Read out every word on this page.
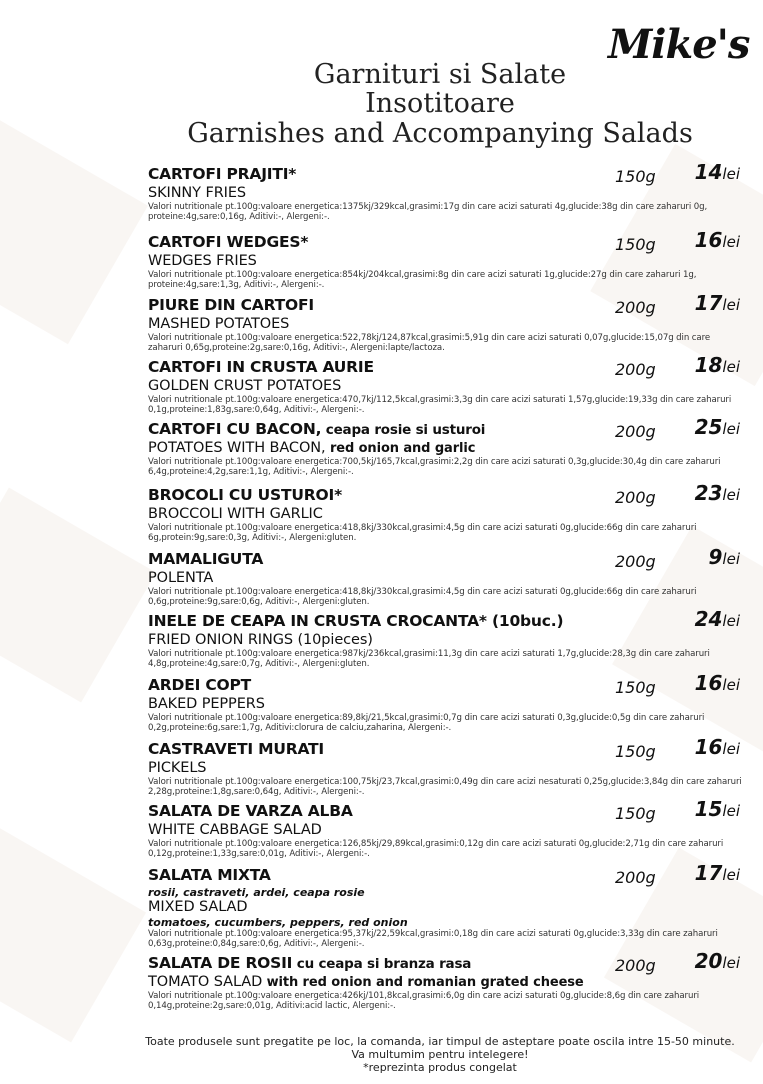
Mike's
Garnituri si Salate
Insotitoare
Garnishes and Accompanying Salads
CARTOFI PRAJITI*
SKINNY FRIES
Valori nutritionale pt.100g:valoare energetica:1375kj/329kcal,grasimi:17g din care acizi saturati 4g,glucide:38g din care zaharuri 0g, proteine:4g,sare:0,16g, Aditivi:-, Alergeni:-.
150g	14lei
CARTOFI WEDGES*
WEDGES FRIES
Valori nutritionale pt.100g:valoare energetica:854kj/204kcal,grasimi:8g din care acizi saturati 1g,glucide:27g din care zaharuri 1g, proteine:4g,sare:1,3g, Aditivi:-, Alergeni:-.
150g	16lei
PIURE DIN CARTOFI
MASHED POTATOES
Valori nutritionale pt.100g:valoare energetica:522,78kj/124,87kcal,grasimi:5,91g din care acizi saturati 0,07g,glucide:15,07g din care zaharuri 0,65g,proteine:2g,sare:0,16g, Aditivi:-, Alergeni:lapte/lactoza.
200g	17lei
CARTOFI IN CRUSTA AURIE
GOLDEN CRUST POTATOES
Valori nutritionale pt.100g:valoare energetica:470,7kj/112,5kcal,grasimi:3,3g din care acizi saturati 1,57g,glucide:19,33g din care zaharuri 0,1g,proteine:1,83g,sare:0,64g, Aditivi:-, Alergeni:-.
200g	18lei
CARTOFI CU BACON, ceapa rosie si usturoi
POTATOES WITH BACON, red onion and garlic
Valori nutritionale pt.100g:valoare energetica:700,5kj/165,7kcal,grasimi:2,2g din care acizi saturati 0,3g,glucide:30,4g din care zaharuri 6,4g,proteine:4,2g,sare:1,1g, Aditivi:-, Alergeni:-.
200g	25lei
BROCOLI CU USTUROI*
BROCCOLI WITH GARLIC
Valori nutritionale pt.100g:valoare energetica:418,8kj/330kcal,grasimi:4,5g din care acizi saturati 0g,glucide:66g din care zaharuri 6g,protein:9g,sare:0,3g, Aditivi:-, Alergeni:gluten.
200g	23lei
MAMALIGUTA
POLENTA
Valori nutritionale pt.100g:valoare energetica:418,8kj/330kcal,grasimi:4,5g din care acizi saturati 0g,glucide:66g din care zaharuri 0,6g,proteine:9g,sare:0,6g, Aditivi:-, Alergeni:gluten.
200g	9lei
INELE DE CEAPA IN CRUSTA CROCANTA* (10buc.)
FRIED ONION RINGS (10pieces)
Valori nutritionale pt.100g:valoare energetica:987kj/236kcal,grasimi:11,3g din care acizi saturati 1,7g,glucide:28,3g din care zaharuri 4,8g,proteine:4g,sare:0,7g, Aditivi:-, Alergeni:gluten.
24lei
ARDEI COPT
BAKED PEPPERS
Valori nutritionale pt.100g:valoare energetica:89,8kj/21,5kcal,grasimi:0,7g din care acizi saturati 0,3g,glucide:0,5g din care zaharuri 0,2g,proteine:6g,sare:1,7g, Aditivi:clorura de calciu,zaharina, Alergeni:-.
150g	16lei
CASTRAVETI MURATI
PICKELS
Valori nutritionale pt.100g:valoare energetica:100,75kj/23,7kcal,grasimi:0,49g din care acizi nesaturati 0,25g,glucide:3,84g din care zaharuri 2,28g,proteine:1,8g,sare:0,64g, Aditivi:-, Alergeni:-.
150g	16lei
SALATA DE VARZA ALBA
WHITE CABBAGE SALAD
Valori nutritionale pt.100g:valoare energetica:126,85kj/29,89kcal,grasimi:0,12g din care acizi saturati 0g,glucide:2,71g din care zaharuri 0,12g,proteine:1,33g,sare:0,01g, Aditivi:-, Alergeni:-.
150g	15lei
SALATA MIXTA
rosii, castraveti, ardei, ceapa rosie
MIXED SALAD
tomatoes, cucumbers, peppers, red onion
Valori nutritionale pt.100g:valoare energetica:95,37kj/22,59kcal,grasimi:0,18g din care acizi saturati 0g,glucide:3,33g din care zaharuri 0,63g,proteine:0,84g,sare:0,6g, Aditivi:-, Alergeni:-.
200g	17lei
SALATA DE ROSII cu ceapa si branza rasa
TOMATO SALAD with red onion and romanian grated cheese
Valori nutritionale pt.100g:valoare energetica:426kj/101,8kcal,grasimi:6,0g din care acizi saturati 0g,glucide:8,6g din care zaharuri 0,14g,proteine:2g,sare:0,01g, Aditivi:acid lactic, Alergeni:-.
200g	20lei
Toate produsele sunt pregatite pe loc, la comanda, iar timpul de asteptare poate oscila intre 15-50 minute.
Va multumim pentru intelegere!
*reprezinta produs congelat
